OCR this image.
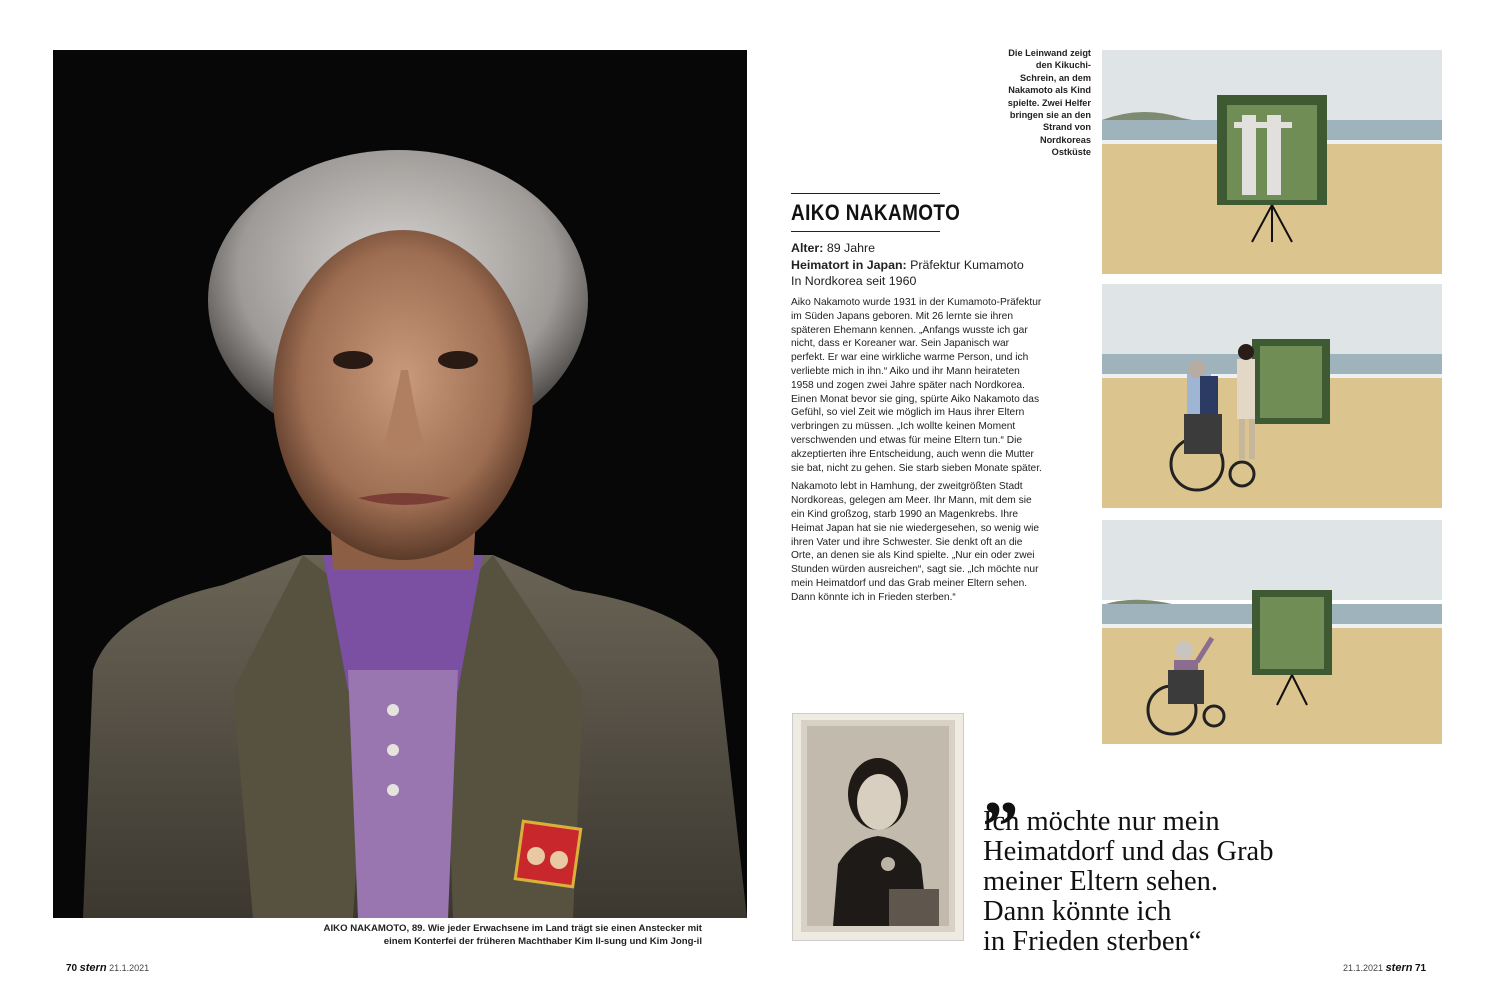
AIKO NAKAMOTO, 89. Wie jeder Erwachsene im Land trägt sie einen Anstecker mit einem Konterfei der früheren Machthaber Kim Il-sung und Kim Jong-il
70 stern 21.1.2021
AIKO NAKAMOTO
Alter: 89 Jahre
Heimatort in Japan: Präfektur Kumamoto
In Nordkorea seit 1960

Aiko Nakamoto wurde 1931 in der Kumamoto-Präfektur im Süden Japans geboren. Mit 26 lernte sie ihren späteren Ehemann kennen. „Anfangs wusste ich gar nicht, dass er Koreaner war. Sein Japanisch war perfekt. Er war eine wirkliche warme Person, und ich verliebte mich in ihn.“ Aiko und ihr Mann heirateten 1958 und zogen zwei Jahre später nach Nordkorea. Einen Monat bevor sie ging, spürte Aiko Nakamoto das Gefühl, so viel Zeit wie möglich im Haus ihrer Eltern verbringen zu müssen. „Ich wollte keinen Moment verschwenden und etwas für meine Eltern tun.“ Die akzeptierten ihre Entscheidung, auch wenn die Mutter sie bat, nicht zu gehen. Sie starb sieben Monate später.

Nakamoto lebt in Hamhung, der zweitgrößten Stadt Nordkoreas, gelegen am Meer. Ihr Mann, mit dem sie ein Kind großzog, starb 1990 an Magenkrebs. Ihre Heimat Japan hat sie nie wiedergesehen, so wenig wie ihren Vater und ihre Schwester. Sie denkt oft an die Orte, an denen sie als Kind spielte. „Nur ein oder zwei Stunden würden ausreichen“, sagt sie. „Ich möchte nur mein Heimatdorf und das Grab meiner Eltern sehen. Dann könnte ich in Frieden sterben.“

Die Leinwand zeigt den Kikuchi-Schrein, an dem Nakamoto als Kind spielte. Zwei Helfer bringen sie an den Strand von Nordkoreas Ostküste
„
Ich möchte nur mein
Heimatdorf und das Grab
meiner Eltern sehen.
Dann könnte ich
in Frieden sterben“
21.1.2021 stern 71
